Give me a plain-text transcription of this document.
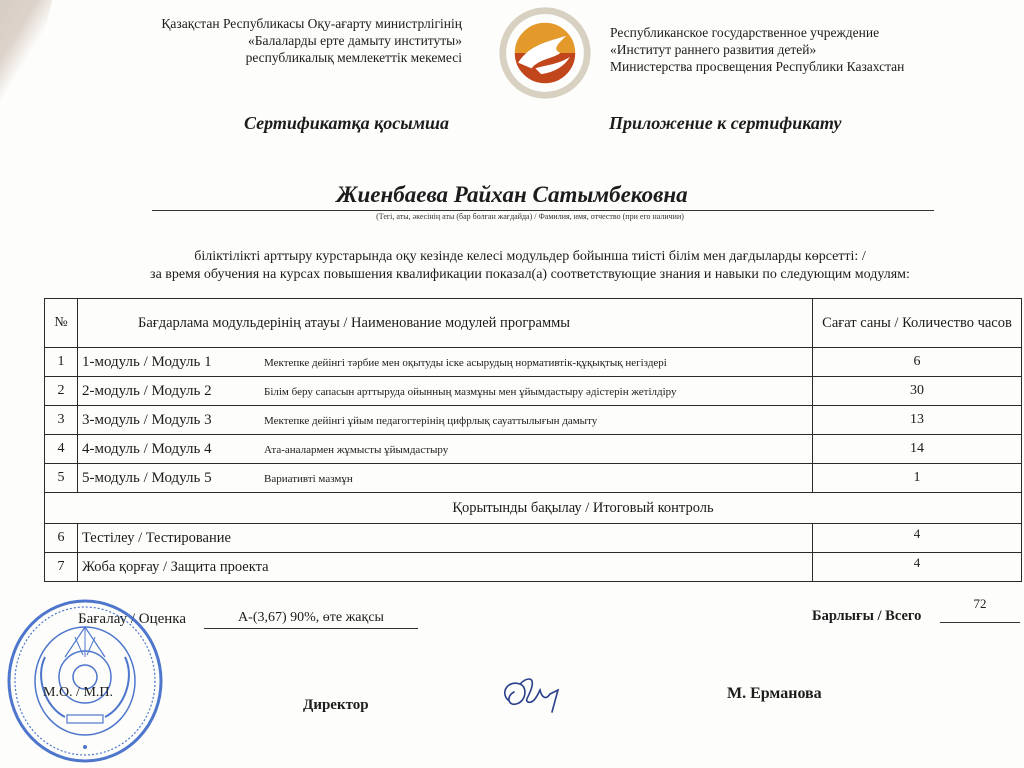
Қазақстан Республикасы Оқу-ағарту министрлігінің
«Балаларды ерте дамыту институты»
республикалық мемлекеттік мекемесі
Республиканское государственное учреждение
«Институт раннего развития детей»
Министерства просвещения Республики Казахстан
Сертификатқа қосымша	Приложение к сертификату
Жиенбаева Райхан Сатымбековна
(Тегі, аты, әкесінің аты (бар болған жағдайда) / Фамилия, имя, отчество (при его наличии)
біліктілікті арттыру курстарында оқу кезінде келесі модульдер бойынша тиісті білім мен дағдыларды көрсетті: /
за время обучения на курсах повышения квалификации показал(а) соответствующие знания и навыки по следующим модулям:
№	Бағдарлама модульдерінің атауы / Наименование модулей программы	Сағат саны / Количество часов
1	1-модуль / Модуль 1 Мектепке дейінгі тәрбие мен оқытуды іске асырудың нормативтік-құқықтық негіздері	6
2	2-модуль / Модуль 2 Білім беру сапасын арттыруда ойынның мазмұны мен ұйымдастыру әдістерін жетілдіру	30
3	3-модуль / Модуль 3 Мектепке дейінгі ұйым педагогтерінің цифрлық сауаттылығын дамыту	13
4	4-модуль / Модуль 4 Ата-аналармен жұмысты ұйымдастыру	14
5	5-модуль / Модуль 5 Вариативті мазмұн	1
Қорытынды бақылау / Итоговый контроль		
6	Тестілеу / Тестирование	4
7	Жоба қорғау / Защита проекта	4
Бағалау / Оценка	А-(3,67) 90%, өте жақсы	Барлығы / Всего
72
М.О. / М.П.
Директор
М. Ерманова
